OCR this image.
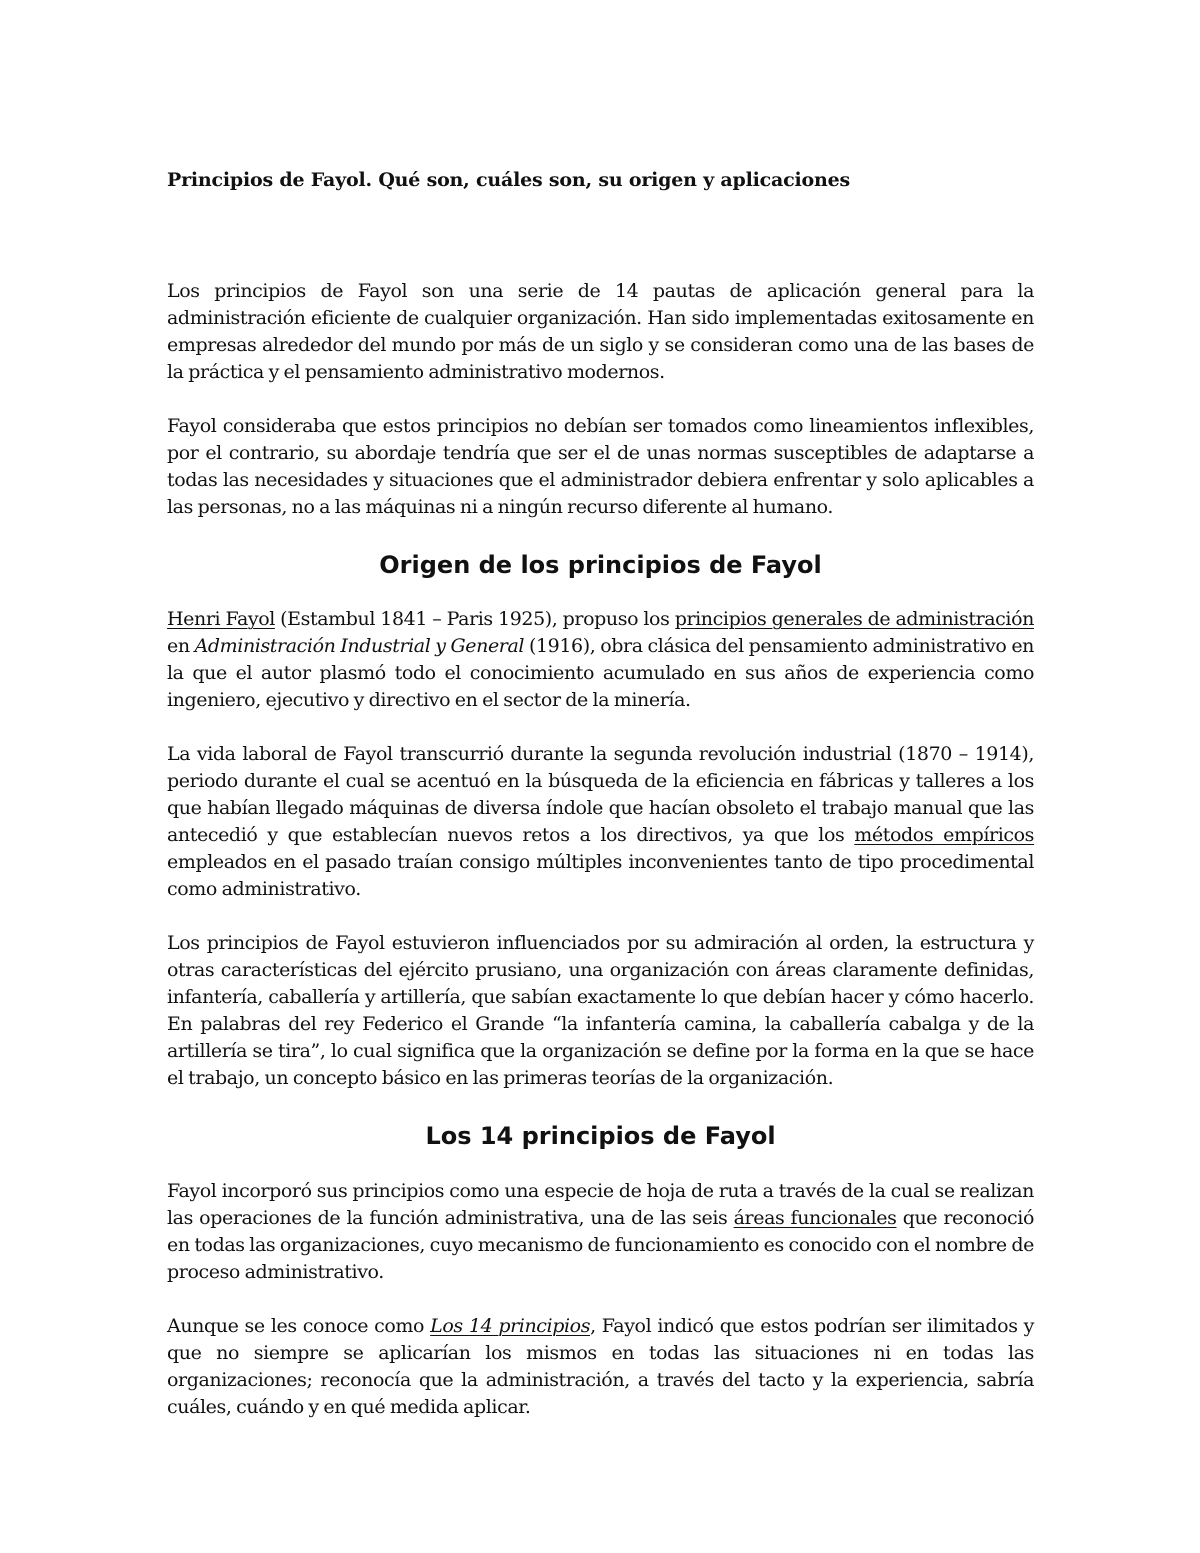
Principios de Fayol. Qué son, cuáles son, su origen y aplicaciones

Los principios de Fayol son una serie de 14 pautas de aplicación general para la administración eficiente de cualquier organización. Han sido implementadas exitosamente en empresas alrededor del mundo por más de un siglo y se consideran como una de las bases de la práctica y el pensamiento administrativo modernos.

Fayol consideraba que estos principios no debían ser tomados como lineamientos inflexibles, por el contrario, su abordaje tendría que ser el de unas normas susceptibles de adaptarse a todas las necesidades y situaciones que el administrador debiera enfrentar y solo aplicables a las personas, no a las máquinas ni a ningún recurso diferente al humano.

Origen de los principios de Fayol

Henri Fayol (Estambul 1841 – Paris 1925), propuso los principios generales de administración en Administración Industrial y General (1916), obra clásica del pensamiento administrativo en la que el autor plasmó todo el conocimiento acumulado en sus años de experiencia como ingeniero, ejecutivo y directivo en el sector de la minería.

La vida laboral de Fayol transcurrió durante la segunda revolución industrial (1870 – 1914), periodo durante el cual se acentuó en la búsqueda de la eficiencia en fábricas y talleres a los que habían llegado máquinas de diversa índole que hacían obsoleto el trabajo manual que las antecedió y que establecían nuevos retos a los directivos, ya que los métodos empíricos empleados en el pasado traían consigo múltiples inconvenientes tanto de tipo procedimental como administrativo.

Los principios de Fayol estuvieron influenciados por su admiración al orden, la estructura y otras características del ejército prusiano, una organización con áreas claramente definidas, infantería, caballería y artillería, que sabían exactamente lo que debían hacer y cómo hacerlo. En palabras del rey Federico el Grande “la infantería camina, la caballería cabalga y de la artillería se tira”, lo cual significa que la organización se define por la forma en la que se hace el trabajo, un concepto básico en las primeras teorías de la organización.

Los 14 principios de Fayol

Fayol incorporó sus principios como una especie de hoja de ruta a través de la cual se realizan las operaciones de la función administrativa, una de las seis áreas funcionales que reconoció en todas las organizaciones, cuyo mecanismo de funcionamiento es conocido con el nombre de proceso administrativo.

Aunque se les conoce como Los 14 principios, Fayol indicó que estos podrían ser ilimitados y que no siempre se aplicarían los mismos en todas las situaciones ni en todas las organizaciones; reconocía que la administración, a través del tacto y la experiencia, sabría cuáles, cuándo y en qué medida aplicar.
